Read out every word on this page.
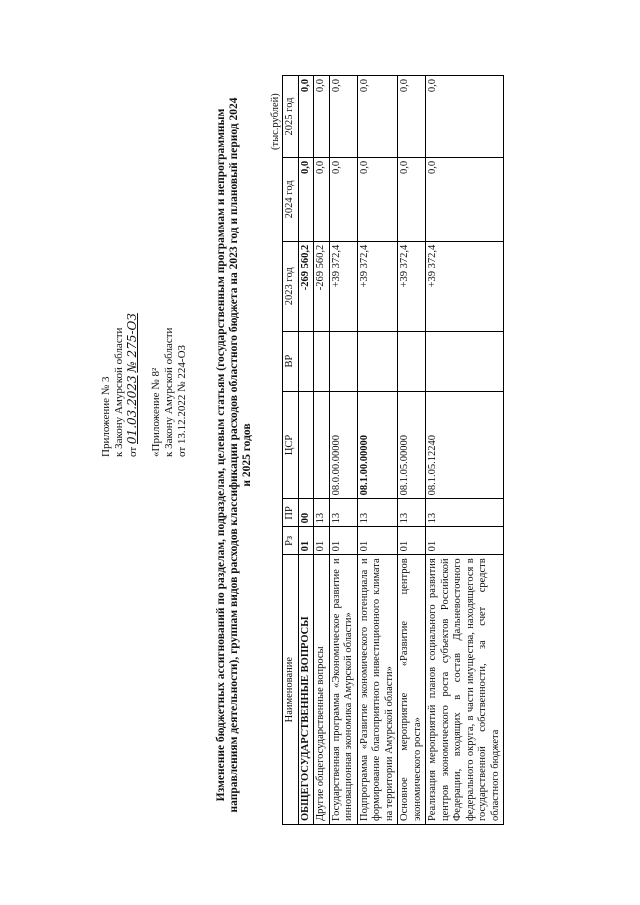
Приложение № 3 к Закону Амурской области от 01.03.2023 № 275-ОЗ
«Приложение № 8² к Закону Амурской области от 13.12.2022 № 224-ОЗ Изменение бюджетных ассигнований по разделам, подразделам, целевым статьям (государственным программам и непрограммным направлениям деятельности), группам видов расходов классификации расходов областного бюджета на 2023 год и плановый период 2024 и 2025 годов
(тыс.рублей)
Наименование	Рз	ПР	ЦСР	ВР	2023 год	2024 год	2025 год
ОБЩЕГОСУДАРСТВЕННЫЕ ВОПРОСЫ	01	00			-269 560,2	0,0	0,0
Другие общегосударственные вопросы	01	13			-269 560,2	0,0	0,0
Государственная программа «Экономическое развитие и инновационная экономика Амурской области»	01	13	08.0.00.00000		+39 372,4	0,0	0,0
Подпрограмма «Развитие экономического потенциала и формирование благоприятного инвестиционного климата на территории Амурской области»	01	13	08.1.00.00000		+39 372,4	0,0	0,0
Основное мероприятие «Развитие центров экономического роста»	01	13	08.1.05.00000		+39 372,4	0,0	0,0
Реализация мероприятий планов социального развития центров экономического роста субъектов Российской Федерации, входящих в состав Дальневосточного федерального округа, в части имущества, находящегося в государственной собственности, за счет средств областного бюджета	01	13	08.1.05.12240		+39 372,4	0,0	0,0
